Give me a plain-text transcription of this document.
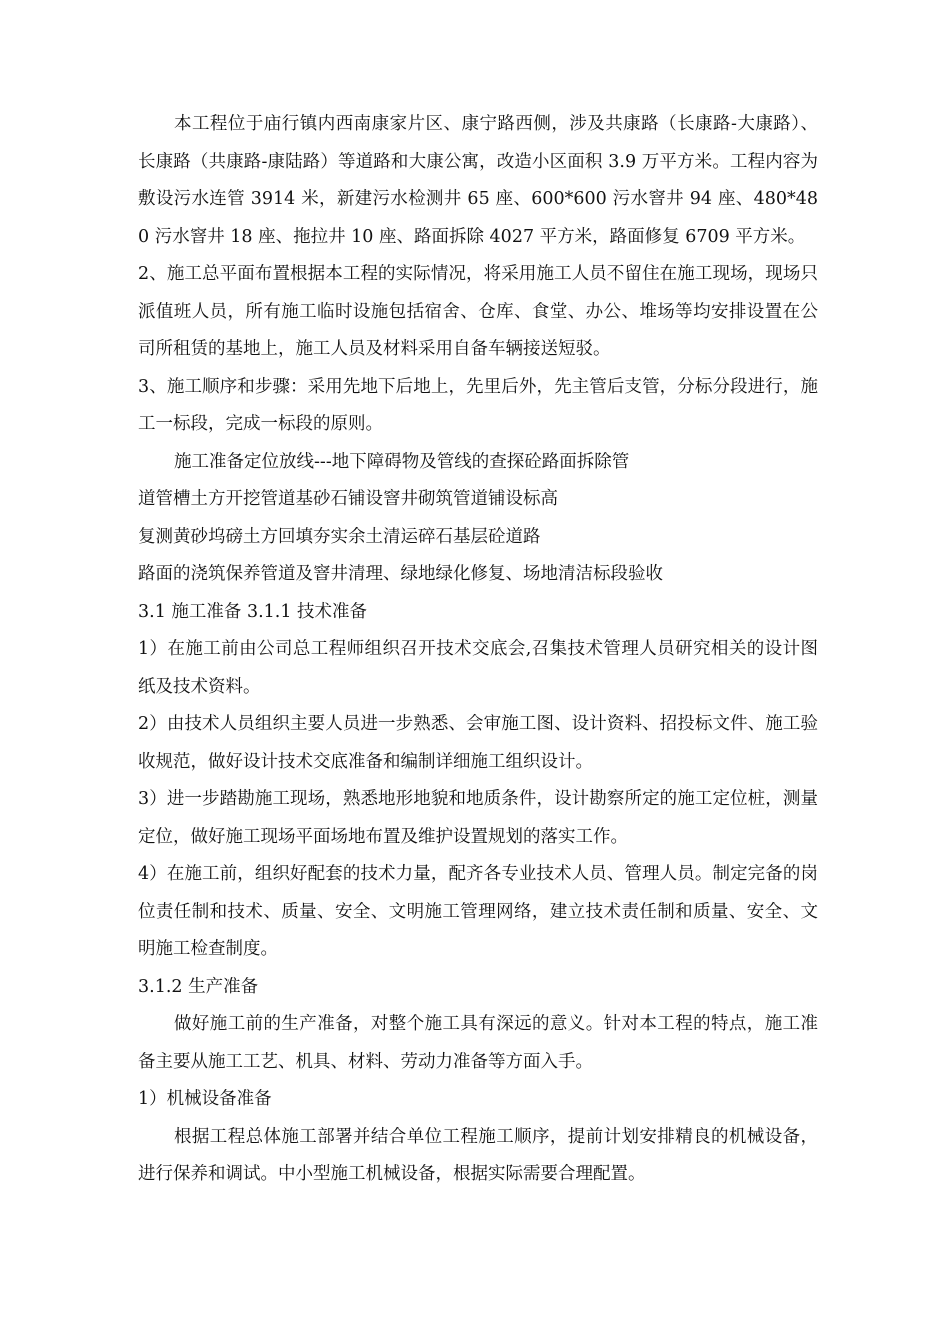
本工程位于庙行镇内西南康家片区、康宁路西侧，涉及共康路（长康路-大康路）、长康路（共康路-康陆路）等道路和大康公寓，改造小区面积 3.9 万平方米。工程内容为敷设污水连管 3914 米，新建污水检测井 65 座、600*600 污水窨井 94 座、480*480 污水窨井 18 座、拖拉井 10 座、路面拆除 4027 平方米，路面修复 6709 平方米。

2、施工总平面布置根据本工程的实际情况，将采用施工人员不留住在施工现场，现场只派值班人员，所有施工临时设施包括宿舍、仓库、食堂、办公、堆场等均安排设置在公司所租赁的基地上，施工人员及材料采用自备车辆接送短驳。

3、施工顺序和步骤：采用先地下后地上，先里后外，先主管后支管，分标分段进行，施工一标段，完成一标段的原则。

施工准备定位放线---地下障碍物及管线的查探砼路面拆除管

道管槽土方开挖管道基砂石铺设窨井砌筑管道铺设标高

复测黄砂坞磅土方回填夯实余土清运碎石基层砼道路

路面的浇筑保养管道及窨井清理、绿地绿化修复、场地清洁标段验收

3.1 施工准备 3.1.1 技术准备

1）在施工前由公司总工程师组织召开技术交底会,召集技术管理人员研究相关的设计图纸及技术资料。

2）由技术人员组织主要人员进一步熟悉、会审施工图、设计资料、招投标文件、施工验收规范，做好设计技术交底准备和编制详细施工组织设计。

3）进一步踏勘施工现场，熟悉地形地貌和地质条件，设计勘察所定的施工定位桩，测量定位，做好施工现场平面场地布置及维护设置规划的落实工作。

4）在施工前，组织好配套的技术力量，配齐各专业技术人员、管理人员。制定完备的岗位责任制和技术、质量、安全、文明施工管理网络，建立技术责任制和质量、安全、文明施工检查制度。

3.1.2 生产准备

做好施工前的生产准备，对整个施工具有深远的意义。针对本工程的特点，施工准备主要从施工工艺、机具、材料、劳动力准备等方面入手。

1）机械设备准备

根据工程总体施工部署并结合单位工程施工顺序，提前计划安排精良的机械设备，进行保养和调试。中小型施工机械设备，根据实际需要合理配置。
